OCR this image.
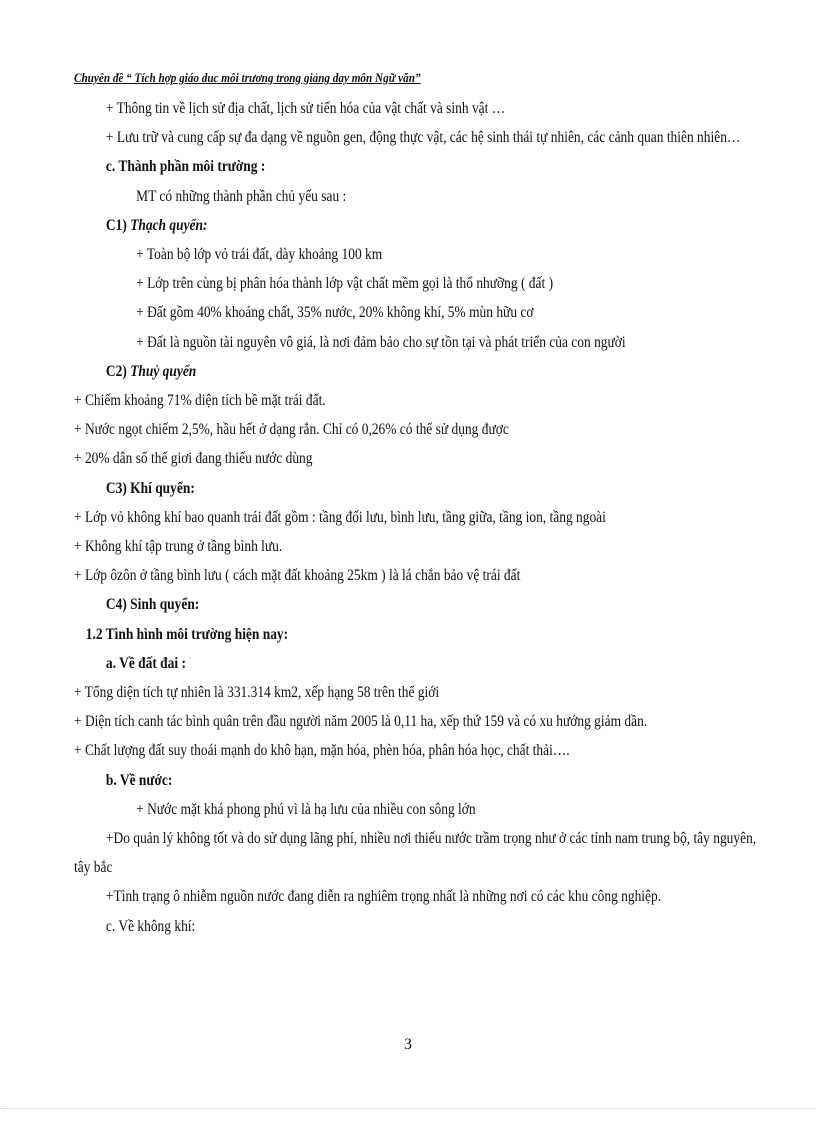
Chuyên đề “ Tích hợp giáo duc môi trương trong giảng day môn Ngữ văn”
+ Thông tin về lịch sử địa chất, lịch sử tiến hóa của vật chất và sinh vật …
+ Lưu trữ và cung cấp sự đa dạng về nguồn gen, động thực vật, các hệ sinh thái tự nhiên, các cảnh quan thiên nhiên…
c. Thành phần môi trường :
MT có những thành phần chủ yếu sau :
C1) Thạch quyển:
+ Toàn bộ lớp vỏ trái đất, dày khoảng 100 km
+ Lớp trên cùng bị phân hóa thành lớp vật chất mềm gọi là thổ nhưỡng ( đất )
+ Đất gồm 40% khoáng chất, 35% nước, 20% không khí, 5% mùn hữu cơ
+ Đất là nguồn tài nguyên vô giá, là nơi đảm bảo cho sự tồn tại và phát triển của con người
C2) Thuỷ quyển
+ Chiếm khoảng 71% diện tích bề mặt trái đất.
+ Nước ngọt chiếm 2,5%, hầu hết ở dạng rắn. Chỉ có 0,26% có thể sử dụng được
+ 20% dân số thế giơi đang thiếu nước dùng
C3) Khí quyển:
+ Lớp vỏ không khí bao quanh trái đất gồm : tầng đối lưu, bình lưu, tầng giữa, tầng ion, tầng ngoài
+ Không khí tập trung ở tầng bình lưu.
+ Lớp ôzôn ở tầng bình lưu ( cách mặt đất khoảng 25km ) là lá chắn bảo vệ trái đất
C4) Sinh quyển:
1.2 Tình hình môi trường hiện nay:
a. Về đất đai :
+ Tổng diện tích tự nhiên là 331.314 km2, xếp hạng 58 trên thế giới
+ Diện tích canh tác bình quân trên đầu người năm 2005 là 0,11 ha, xếp thứ 159 và có xu hướng giảm dần.
+ Chất lượng đất suy thoái mạnh do khô hạn, mặn hóa, phèn hóa, phân hóa học, chất thải….
b. Về nước:
+ Nước mặt khá phong phú vì là hạ lưu của nhiều con sông lớn
+Do quản lý không tốt và do sử dụng lãng phí, nhiều nơi thiếu nước trầm trọng như ở các tỉnh nam trung bộ, tây nguyên, tây bắc
+Tình trạng ô nhiễm nguồn nước đang diễn ra nghiêm trọng nhất là những nơi có các khu công nghiệp.
c. Về không khí:
3
